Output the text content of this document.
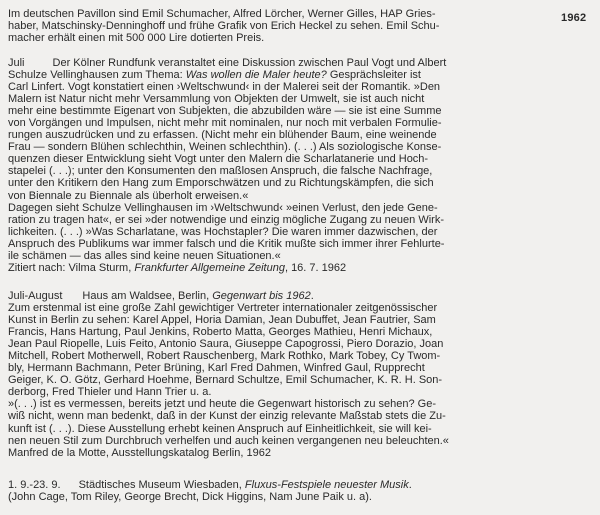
1962
Im deutschen Pavillon sind Emil Schumacher, Alfred Lörcher, Werner Gilles, HAP Gries-
haber, Matschinsky-Denninghoff und frühe Grafik von Erich Heckel zu sehen. Emil Schu-
macher erhält einen mit 500 000 Lire dotierten Preis.
Juli	Der Kölner Rundfunk veranstaltet eine Diskussion zwischen Paul Vogt und Albert
Schulze Vellinghausen zum Thema: Was wollen die Maler heute? Gesprächsleiter ist
Carl Linfert. Vogt konstatiert einen ›Weltschwund‹ in der Malerei seit der Romantik. »Den
Malern ist Natur nicht mehr Versammlung von Objekten der Umwelt, sie ist auch nicht
mehr eine bestimmte Eigenart von Subjekten, die abzubilden wäre — sie ist eine Summe
von Vorgängen und Impulsen, nicht mehr mit nominalen, nur noch mit verbalen Formulie-
rungen auszudrücken und zu erfassen. (Nicht mehr ein blühender Baum, eine weinende
Frau — sondern Blühen schlechthin, Weinen schlechthin). (. . .) Als soziologische Konse-
quenzen dieser Entwicklung sieht Vogt unter den Malern die Scharlatanerie und Hoch-
stapelei (. . .); unter den Konsumenten den maßlosen Anspruch, die falsche Nachfrage,
unter den Kritikern den Hang zum Emporschwätzen und zu Richtungskämpfen, die sich
von Biennale zu Biennale als überholt erweisen.«
Dagegen sieht Schulze Vellinghausen im ›Weltschwund‹ »einen Verlust, den jede Gene-
ration zu tragen hat«, er sei »der notwendige und einzig mögliche Zugang zu neuen Wirk-
lichkeiten. (. . .) »Was Scharlatane, was Hochstapler? Die waren immer dazwischen, der
Anspruch des Publikums war immer falsch und die Kritik mußte sich immer ihrer Fehlurte-
ile schämen — das alles sind keine neuen Situationen.«
Zitiert nach: Vilma Sturm, Frankfurter Allgemeine Zeitung, 16. 7. 1962
Juli-August Haus am Waldsee, Berlin, Gegenwart bis 1962.
Zum erstenmal ist eine große Zahl gewichtiger Vertreter internationaler zeitgenössischer
Kunst in Berlin zu sehen: Karel Appel, Horia Damian, Jean Dubuffet, Jean Fautrier, Sam
Francis, Hans Hartung, Paul Jenkins, Roberto Matta, Georges Mathieu, Henri Michaux,
Jean Paul Riopelle, Luis Feito, Antonio Saura, Giuseppe Capogrossi, Piero Dorazio, Joan
Mitchell, Robert Motherwell, Robert Rauschenberg, Mark Rothko, Mark Tobey, Cy Twom-
bly, Hermann Bachmann, Peter Brüning, Karl Fred Dahmen, Winfred Gaul, Rupprecht
Geiger, K. O. Götz, Gerhard Hoehme, Bernard Schultze, Emil Schumacher, K. R. H. Son-
derborg, Fred Thieler und Hann Trier u. a.
»(. . .) ist es vermessen, bereits jetzt und heute die Gegenwart historisch zu sehen? Ge-
wiß nicht, wenn man bedenkt, daß in der Kunst der einzig relevante Maßstab stets die Zu-
kunft ist (. . .). Diese Ausstellung erhebt keinen Anspruch auf Einheitlichkeit, sie will kei-
nen neuen Stil zum Durchbruch verhelfen und auch keinen vergangenen neu beleuchten.«
Manfred de la Motte, Ausstellungskatalog Berlin, 1962
1. 9.-23. 9. Städtisches Museum Wiesbaden, Fluxus-Festspiele neuester Musik.
(John Cage, Tom Riley, George Brecht, Dick Higgins, Nam June Paik u. a).
